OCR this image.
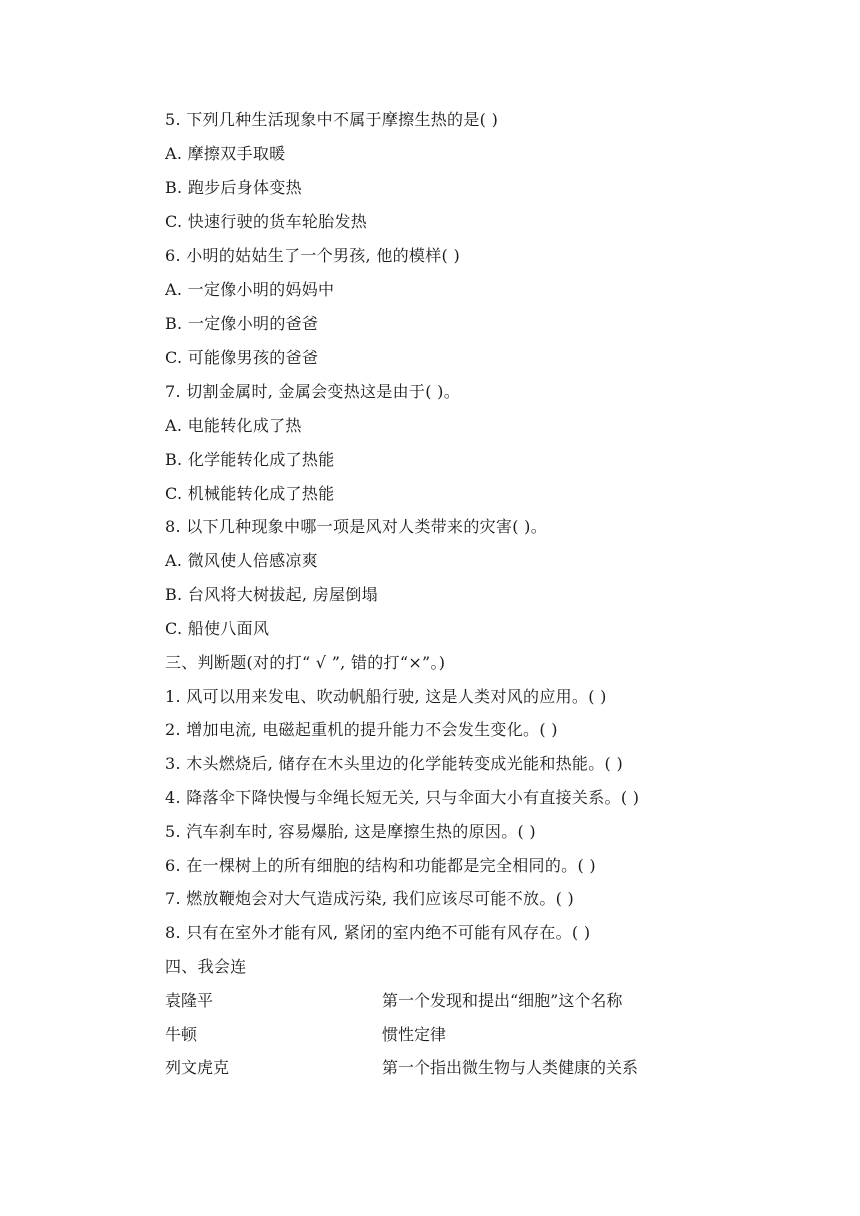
5. 下列几种生活现象中不属于摩擦生热的是( )
A. 摩擦双手取暖
B. 跑步后身体变热
C. 快速行驶的货车轮胎发热
6. 小明的姑姑生了一个男孩, 他的模样( )
A. 一定像小明的妈妈中
B. 一定像小明的爸爸
C. 可能像男孩的爸爸
7. 切割金属时, 金属会变热这是由于( )。
A. 电能转化成了热
B. 化学能转化成了热能
C. 机械能转化成了热能
8. 以下几种现象中哪一项是风对人类带来的灾害( )。
A. 微风使人倍感凉爽
B. 台风将大树拔起, 房屋倒塌
C. 船使八面风
三、判断题(对的打“ √ ”, 错的打“×”。)
1. 风可以用来发电、吹动帆船行驶, 这是人类对风的应用。( )
2. 增加电流, 电磁起重机的提升能力不会发生变化。( )
3. 木头燃烧后, 储存在木头里边的化学能转变成光能和热能。( )
4. 降落伞下降快慢与伞绳长短无关, 只与伞面大小有直接关系。( )
5. 汽车刹车时, 容易爆胎, 这是摩擦生热的原因。( )
6. 在一棵树上的所有细胞的结构和功能都是完全相同的。( )
7. 燃放鞭炮会对大气造成污染, 我们应该尽可能不放。( )
8. 只有在室外才能有风, 紧闭的室内绝不可能有风存在。( )
四、我会连
袁隆平	第一个发现和提出“细胞”这个名称
牛顿	惯性定律
列文虎克	第一个指出微生物与人类健康的关系
